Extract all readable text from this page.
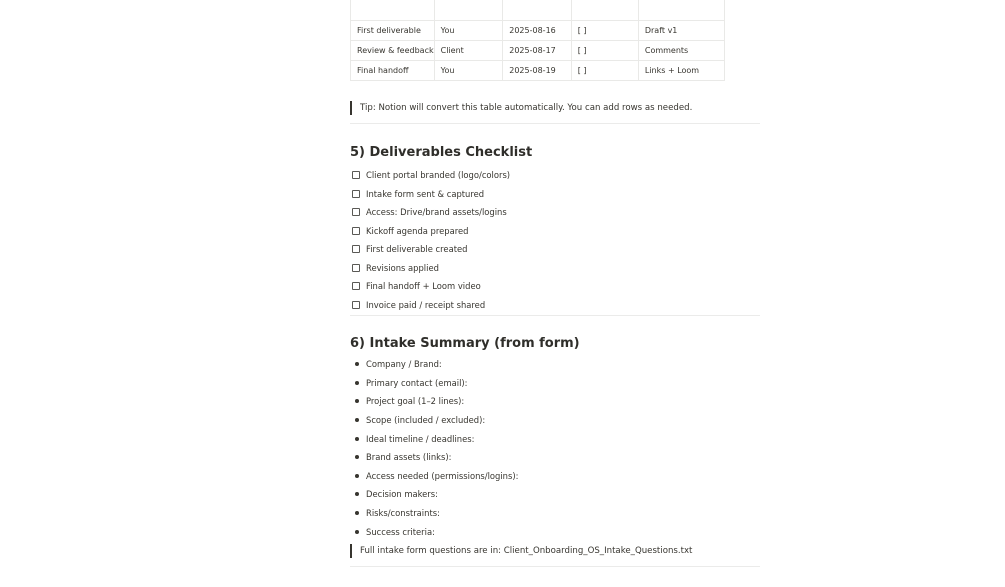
First deliverable	You	2025-08-16	[ ]	Draft v1
Review & feedback	Client	2025-08-17	[ ]	Comments
Final handoff	You	2025-08-19	[ ]	Links + Loom
Tip: Notion will convert this table automatically. You can add rows as needed.
5) Deliverables Checklist
Client portal branded (logo/colors)
Intake form sent & captured
Access: Drive/brand assets/logins
Kickoff agenda prepared
First deliverable created
Revisions applied
Final handoff + Loom video
Invoice paid / receipt shared
6) Intake Summary (from form)
Company / Brand:
Primary contact (email):
Project goal (1–2 lines):
Scope (included / excluded):
Ideal timeline / deadlines:
Brand assets (links):
Access needed (permissions/logins):
Decision makers:
Risks/constraints:
Success criteria:
Full intake form questions are in: Client_Onboarding_OS_Intake_Questions.txt
